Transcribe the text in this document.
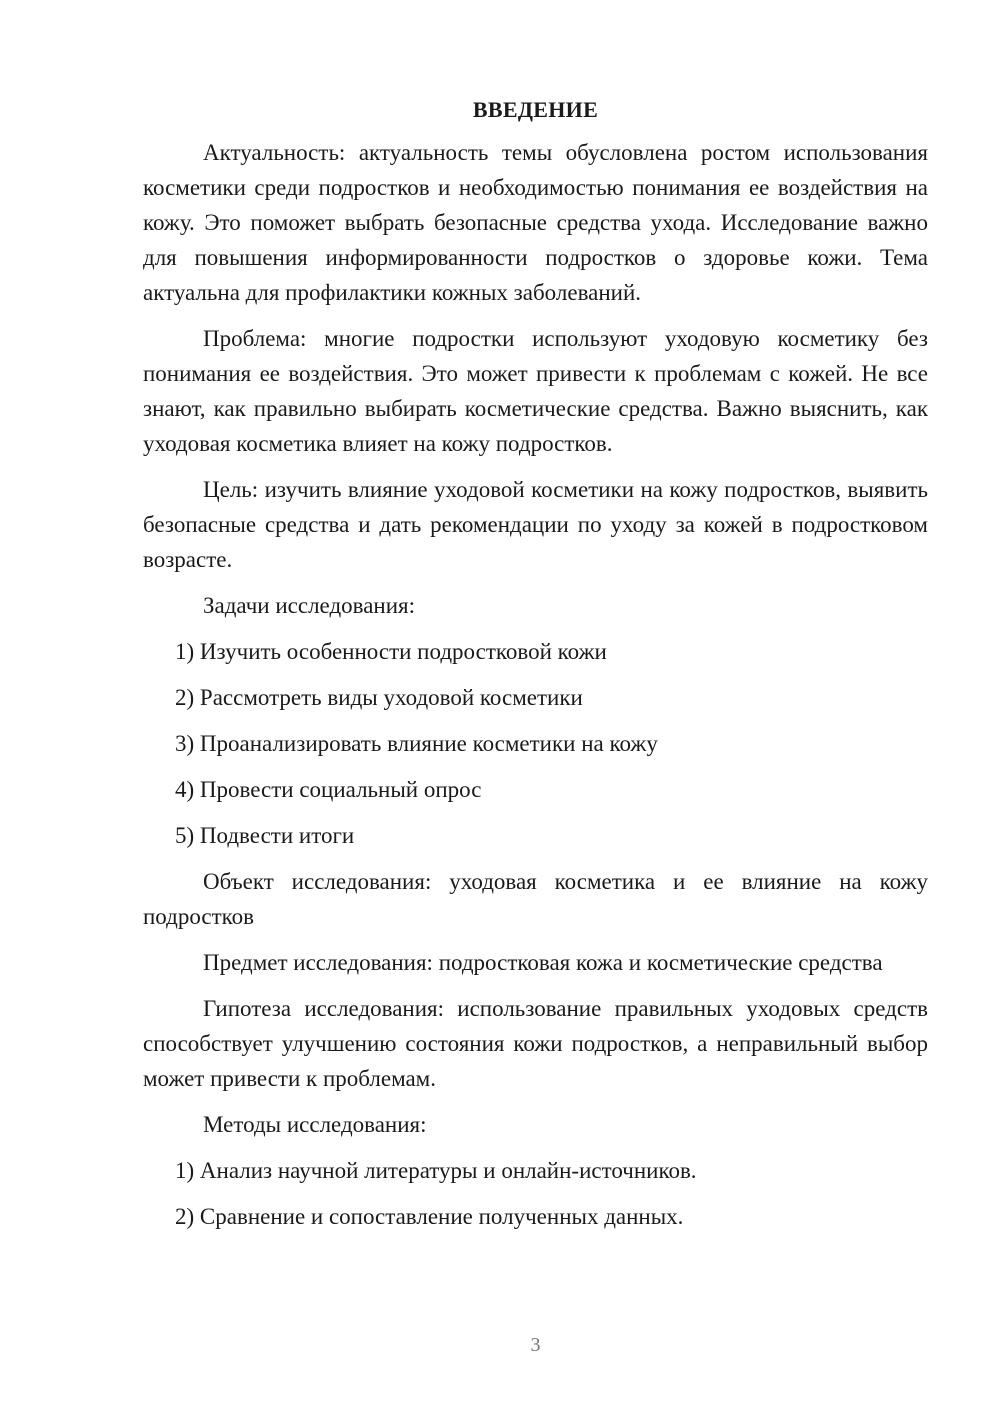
ВВЕДЕНИЕ
Актуальность: актуальность темы обусловлена ростом использования косметики среди подростков и необходимостью понимания ее воздействия на кожу. Это поможет выбрать безопасные средства ухода. Исследование важно для повышения информированности подростков о здоровье кожи. Тема актуальна для профилактики кожных заболеваний.
Проблема: многие подростки используют уходовую косметику без понимания ее воздействия. Это может привести к проблемам с кожей. Не все знают, как правильно выбирать косметические средства. Важно выяснить, как уходовая косметика влияет на кожу подростков.
Цель: изучить влияние уходовой косметики на кожу подростков, выявить безопасные средства и дать рекомендации по уходу за кожей в подростковом возрасте.
Задачи исследования:
1) Изучить особенности подростковой кожи
2) Рассмотреть виды уходовой косметики
3) Проанализировать влияние косметики на кожу
4) Провести социальный опрос
5) Подвести итоги
Объект исследования: уходовая косметика и ее влияние на кожу подростков
Предмет исследования: подростковая кожа и косметические средства
Гипотеза исследования: использование правильных уходовых средств способствует улучшению состояния кожи подростков, а неправильный выбор может привести к проблемам.
Методы исследования:
1) Анализ научной литературы и онлайн-источников.
2) Сравнение и сопоставление полученных данных.
3
